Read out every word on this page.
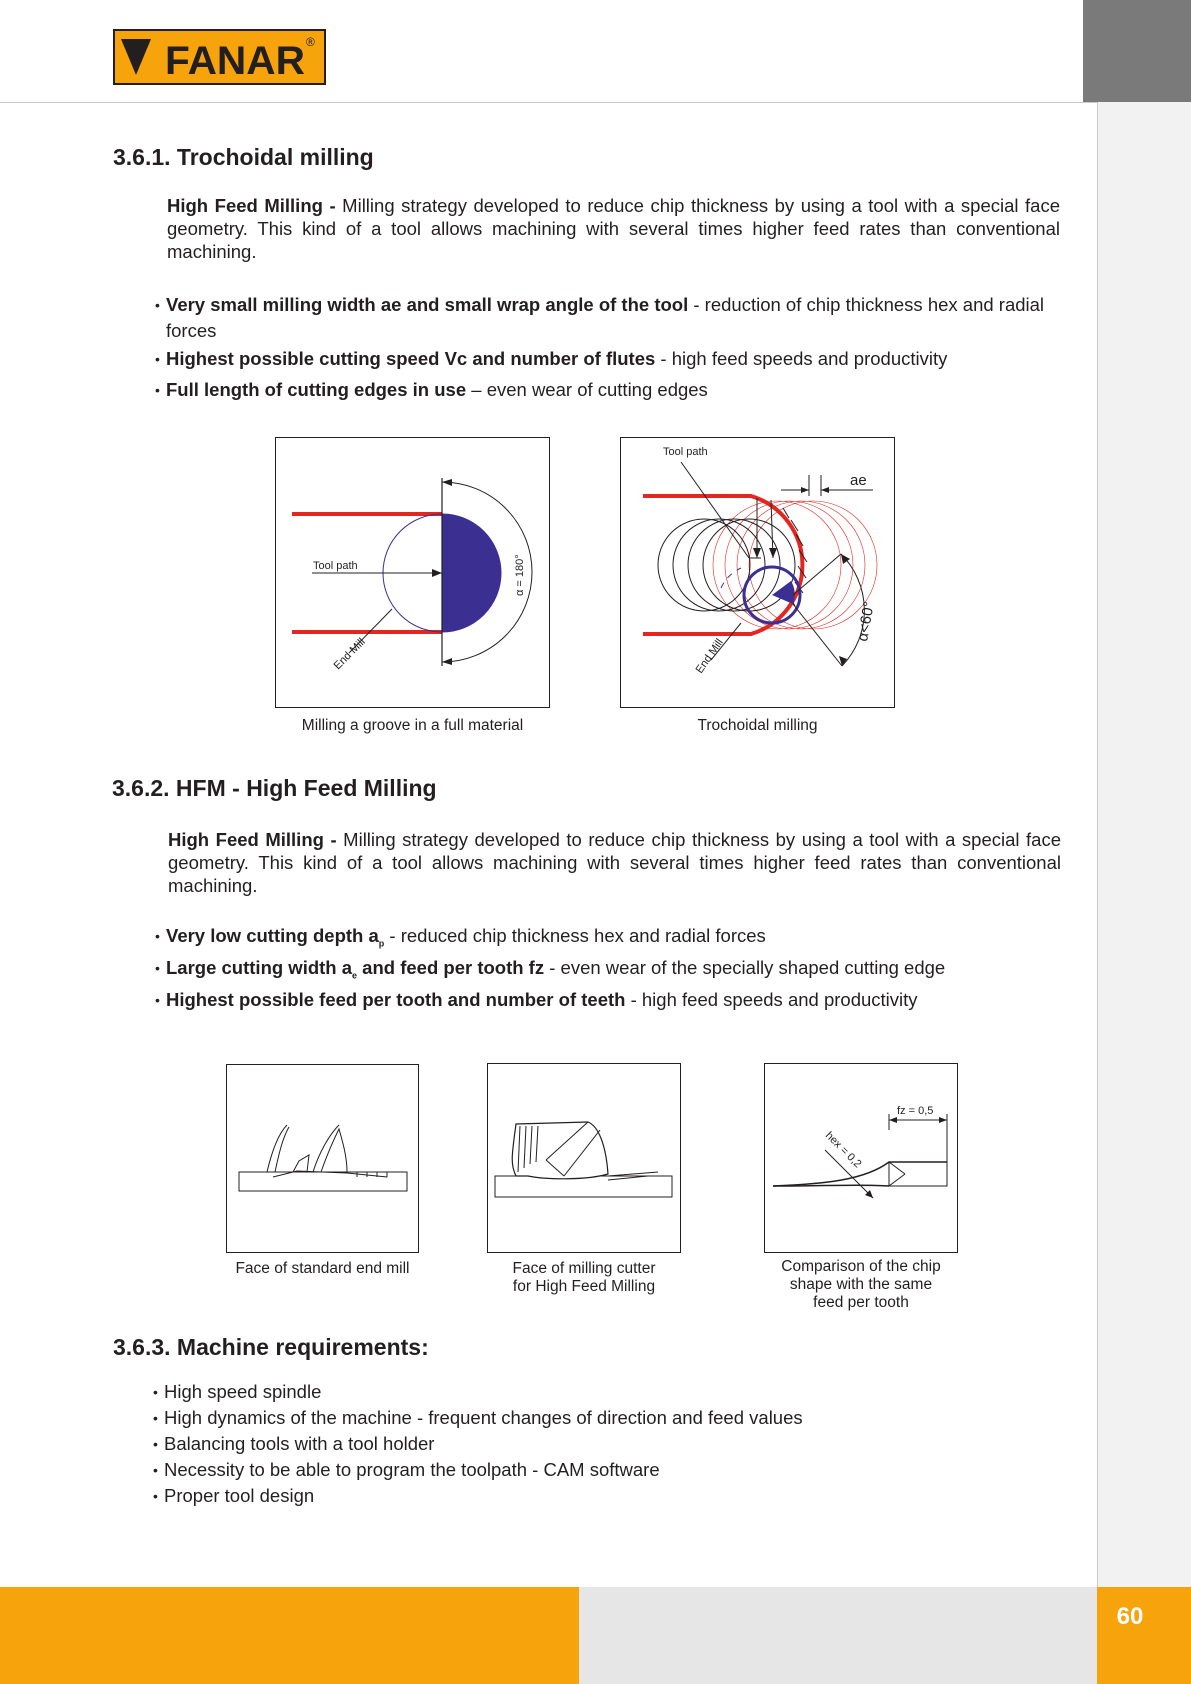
FANAR ®
3.6.1. Trochoidal milling

High Feed Milling - Milling strategy developed to reduce chip thickness by using a tool with a special face geometry. This kind of a tool allows machining with several times higher feed rates than conventional machining.

• Very small milling width ae and small wrap angle of the tool - reduction of chip thickness hex and radial forces
• Highest possible cutting speed Vc and number of flutes - high feed speeds and productivity
• Full length of cutting edges in use – even wear of cutting edges
Tool path
End Mill
α = 180°
Milling a groove in a full material
Tool path
ae
α<60°
End Mill
Trochoidal milling
3.6.2. HFM - High Feed Milling

High Feed Milling - Milling strategy developed to reduce chip thickness by using a tool with a special face geometry. This kind of a tool allows machining with several times higher feed rates than conventional machining.

• Very low cutting depth $a_p$ - reduced chip thickness hex and radial forces
• Large cutting width $a_e$ and feed per tooth fz - even wear of the specially shaped cutting edge
• Highest possible feed per tooth and number of teeth - high feed speeds and productivity
Face of standard end mill	Face of milling cutter
for High Feed Milling
fz = 0,5
hex = 0,2
Comparison of the chip
shape with the same
feed per tooth
3.6.3. Machine requirements:
• High speed spindle
• High dynamics of the machine - frequent changes of direction and feed values
• Balancing tools with a tool holder
• Necessity to be able to program the toolpath - CAM software
• Proper tool design
60
